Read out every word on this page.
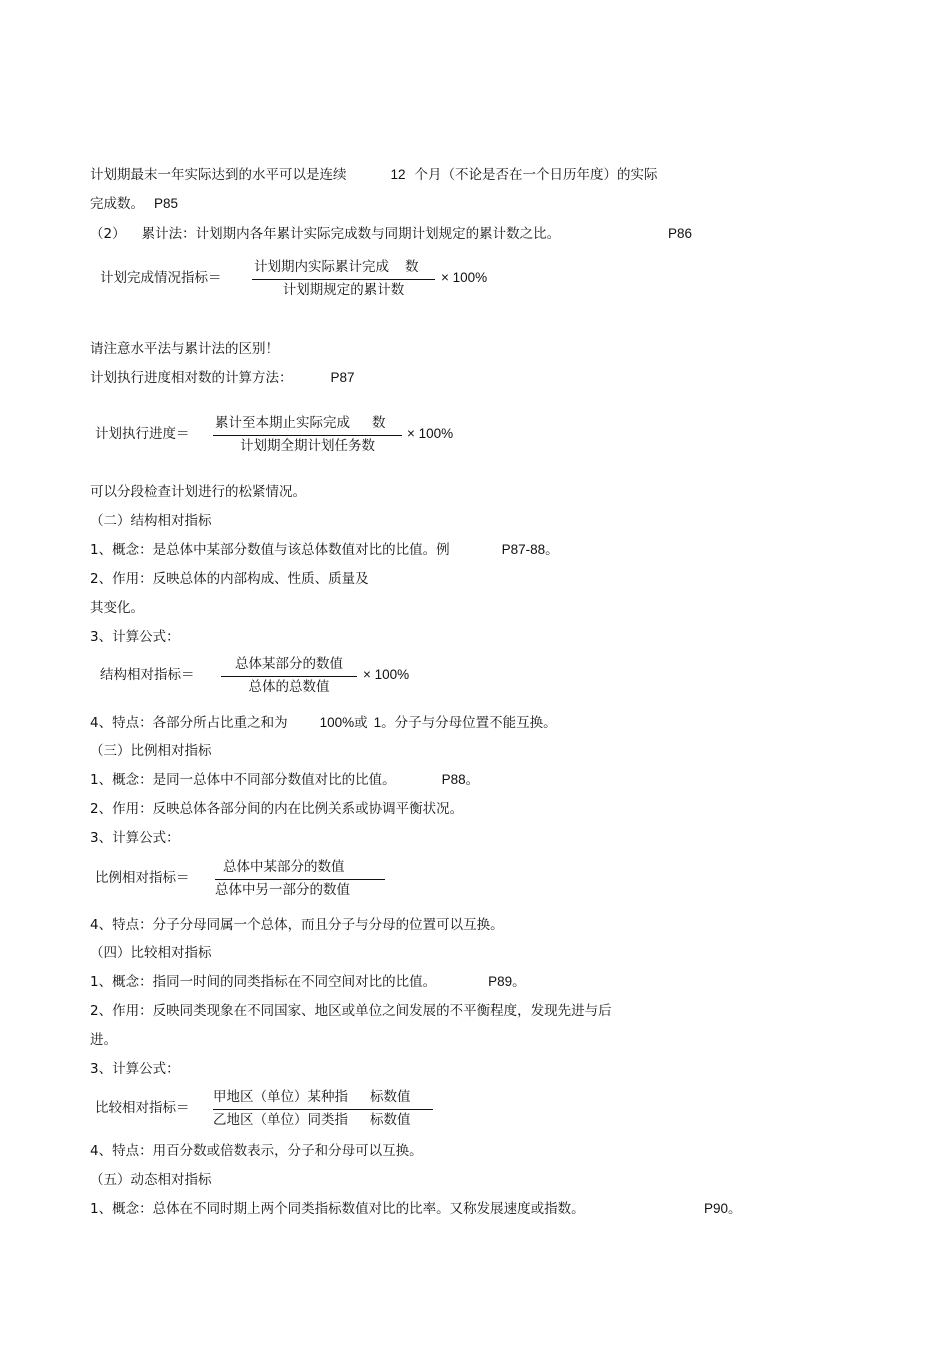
计划期最末一年实际达到的水平可以是连续	12 个月（不论是否在一个日历年度）的实际
完成数。 P85
（2） 累计法：计划期内各年累计实际完成数与同期计划规定的累计数之比。	P86
计划完成情况指标＝
计划期内实际累计完成 数
计划期规定的累计数
× 100%
请注意水平法与累计法的区别！
计划执行进度相对数的计算方法：	P87
计划执行进度＝
累计至本期止实际完成 数
计划期全期计划任务数
× 100%
可以分段检查计划进行的松紧情况。
（二）结构相对指标
1、概念：是总体中某部分数值与该总体数值对比的比值。例	P87-88。
2、作用：反映总体的内部构成、性质、质量及
其变化。
3、计算公式：
结构相对指标＝
总体某部分的数值
总体的总数值
× 100%
4、特点：各部分所占比重之和为 100%或 1。分子与分母位置不能互换。
（三）比例相对指标
1、概念：是同一总体中不同部分数值对比的比值。	P88。
2、作用：反映总体各部分间的内在比例关系或协调平衡状况。
3、计算公式：
比例相对指标＝
总体中某部分的数值
总体中另一部分的数值
4、特点：分子分母同属一个总体，而且分子与分母的位置可以互换。
（四）比较相对指标
1、概念：指同一时间的同类指标在不同空间对比的比值。	P89。
2、作用：反映同类现象在不同国家、地区或单位之间发展的不平衡程度，发现先进与后
进。
3、计算公式：
比较相对指标＝
甲地区（单位）某种指 标数值
乙地区（单位）同类指 标数值
4、特点：用百分数或倍数表示，分子和分母可以互换。
（五）动态相对指标
1、概念：总体在不同时期上两个同类指标数值对比的比率。又称发展速度或指数。	P90。
